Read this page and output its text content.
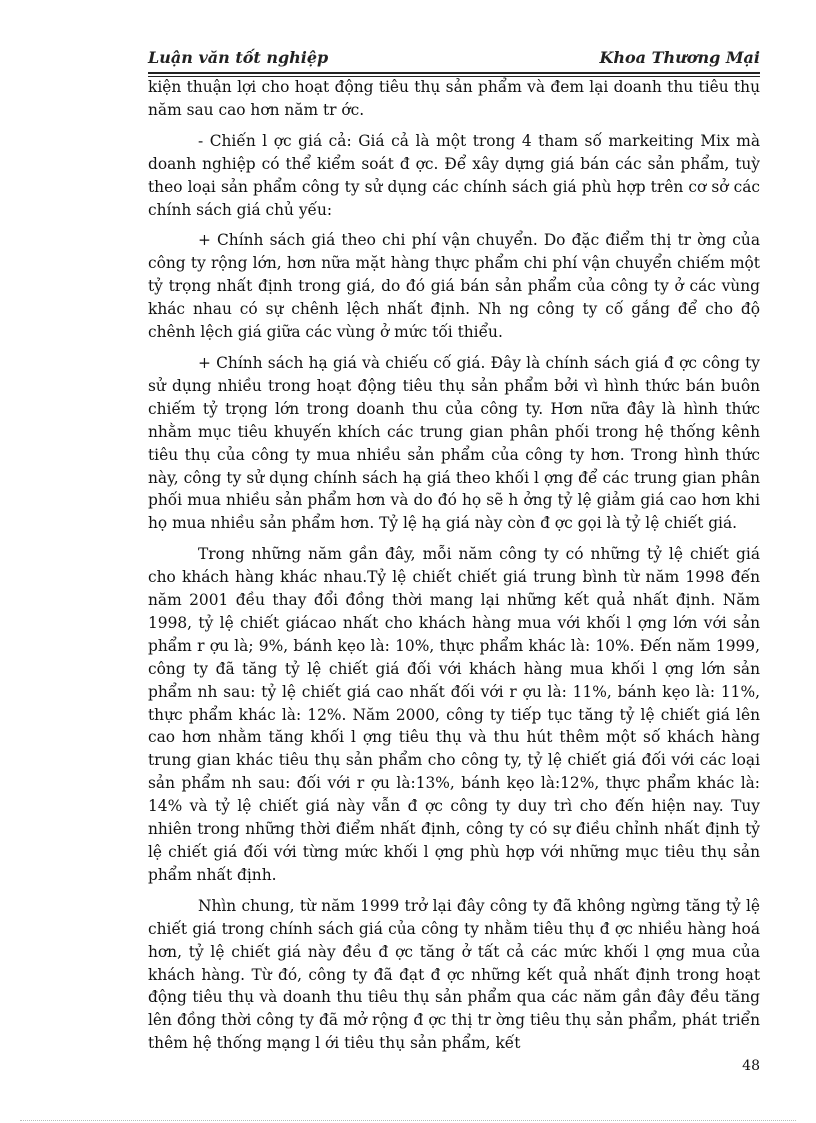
Luận văn tốt nghiệp	Khoa Thương Mại

kiện thuận lợi cho hoạt động tiêu thụ sản phẩm và đem lại doanh thu tiêu thụ năm sau cao hơn năm tr ớc.

- Chiến l ợc giá cả: Giá cả là một trong 4 tham số markeiting Mix mà doanh nghiệp có thể kiểm soát đ ợc. Để xây dựng giá bán các sản phẩm, tuỳ theo loại sản phẩm công ty sử dụng các chính sách giá phù hợp trên cơ sở các chính sách giá chủ yếu:

+ Chính sách giá theo chi phí vận chuyển. Do đặc điểm thị tr ờng của công ty rộng lớn, hơn nữa mặt hàng thực phẩm chi phí vận chuyển chiếm một tỷ trọng nhất định trong giá, do đó giá bán sản phẩm của công ty ở các vùng khác nhau có sự chênh lệch nhất định. Nh ng công ty cố gắng để cho độ chênh lệch giá giữa các vùng ở mức tối thiểu.

+ Chính sách hạ giá và chiếu cố giá. Đây là chính sách giá đ ợc công ty sử dụng nhiều trong hoạt động tiêu thụ sản phẩm bởi vì hình thức bán buôn chiếm tỷ trọng lớn trong doanh thu của công ty. Hơn nữa đây là hình thức nhằm mục tiêu khuyến khích các trung gian phân phối trong hệ thống kênh tiêu thụ của công ty mua nhiều sản phẩm của công ty hơn. Trong hình thức này, công ty sử dụng chính sách hạ giá theo khối l ợng để các trung gian phân phối mua nhiều sản phẩm hơn và do đó họ sẽ h ởng tỷ lệ giảm giá cao hơn khi họ mua nhiều sản phẩm hơn. Tỷ lệ hạ giá này còn đ ợc gọi là tỷ lệ chiết giá.

Trong những năm gần đây, mỗi năm công ty có những tỷ lệ chiết giá cho khách hàng khác nhau.Tỷ lệ chiết chiết giá trung bình từ năm 1998 đến năm 2001 đều thay đổi đồng thời mang lại những kết quả nhất định. Năm 1998, tỷ lệ chiết giácao nhất cho khách hàng mua với khối l ợng lớn với sản phẩm r ợu là; 9%, bánh kẹo là: 10%, thực phẩm khác là: 10%. Đến năm 1999, công ty đã tăng tỷ lệ chiết giá đối với khách hàng mua khối l ợng lớn sản phẩm nh sau: tỷ lệ chiết giá cao nhất đối với r ợu là: 11%, bánh kẹo là: 11%, thực phẩm khác là: 12%. Năm 2000, công ty tiếp tục tăng tỷ lệ chiết giá lên cao hơn nhằm tăng khối l ợng tiêu thụ và thu hút thêm một số khách hàng trung gian khác tiêu thụ sản phẩm cho công ty, tỷ lệ chiết giá đối với các loại sản phẩm nh sau: đối với r ợu là:13%, bánh kẹo là:12%, thực phẩm khác là: 14% và tỷ lệ chiết giá này vẫn đ ợc công ty duy trì cho đến hiện nay. Tuy nhiên trong những thời điểm nhất định, công ty có sự điều chỉnh nhất định tỷ lệ chiết giá đối với từng mức khối l ợng phù hợp với những mục tiêu thụ sản phẩm nhất định.

Nhìn chung, từ năm 1999 trở lại đây công ty đã không ngừng tăng tỷ lệ chiết giá trong chính sách giá của công ty nhằm tiêu thụ đ ợc nhiều hàng hoá hơn, tỷ lệ chiết giá này đều đ ợc tăng ở tất cả các mức khối l ợng mua của khách hàng. Từ đó, công ty đã đạt đ ợc những kết quả nhất định trong hoạt động tiêu thụ và doanh thu tiêu thụ sản phẩm qua các năm gần đây đều tăng lên đồng thời công ty đã mở rộng đ ợc thị tr ờng tiêu thụ sản phẩm, phát triển thêm hệ thống mạng l ới tiêu thụ sản phẩm, kết

48
